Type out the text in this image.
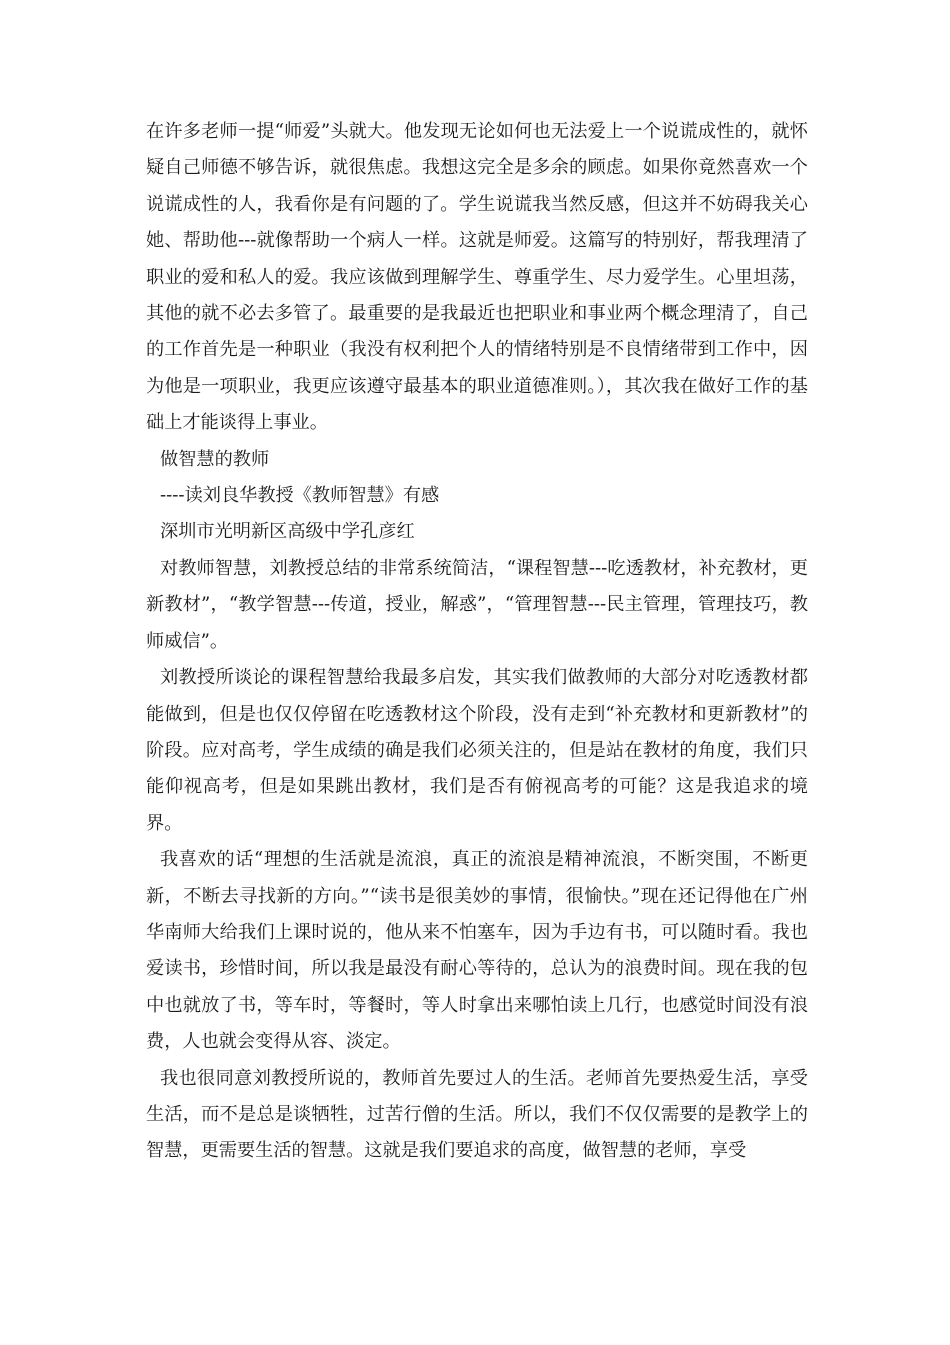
在许多老师一提“师爱”头就大。他发现无论如何也无法爱上一个说谎成性的，就怀疑自己师德不够告诉，就很焦虑。我想这完全是多余的顾虑。如果你竟然喜欢一个说谎成性的人，我看你是有问题的了。学生说谎我当然反感，但这并不妨碍我关心她、帮助他---就像帮助一个病人一样。这就是师爱。这篇写的特别好，帮我理清了职业的爱和私人的爱。我应该做到理解学生、尊重学生、尽力爱学生。心里坦荡，其他的就不必去多管了。最重要的是我最近也把职业和事业两个概念理清了，自己的工作首先是一种职业（我没有权利把个人的情绪特别是不良情绪带到工作中，因为他是一项职业，我更应该遵守最基本的职业道德准则。），其次我在做好工作的基础上才能谈得上事业。

做智慧的教师

----读刘良华教授《教师智慧》有感

深圳市光明新区高级中学孔彦红

对教师智慧，刘教授总结的非常系统简洁，“课程智慧---吃透教材，补充教材，更新教材”，“教学智慧---传道，授业，解惑”，“管理智慧---民主管理，管理技巧，教师威信”。

刘教授所谈论的课程智慧给我最多启发，其实我们做教师的大部分对吃透教材都能做到，但是也仅仅停留在吃透教材这个阶段，没有走到“补充教材和更新教材”的阶段。应对高考，学生成绩的确是我们必须关注的，但是站在教材的角度，我们只能仰视高考，但是如果跳出教材，我们是否有俯视高考的可能？这是我追求的境界。

我喜欢的话“理想的生活就是流浪，真正的流浪是精神流浪，不断突围，不断更新，不断去寻找新的方向。”“读书是很美妙的事情，很愉快。”现在还记得他在广州华南师大给我们上课时说的，他从来不怕塞车，因为手边有书，可以随时看。我也爱读书，珍惜时间，所以我是最没有耐心等待的，总认为的浪费时间。现在我的包中也就放了书，等车时，等餐时，等人时拿出来哪怕读上几行，也感觉时间没有浪费，人也就会变得从容、淡定。

我也很同意刘教授所说的，教师首先要过人的生活。老师首先要热爱生活，享受生活，而不是总是谈牺牲，过苦行僧的生活。所以，我们不仅仅需要的是教学上的智慧，更需要生活的智慧。这就是我们要追求的高度，做智慧的老师，享受
